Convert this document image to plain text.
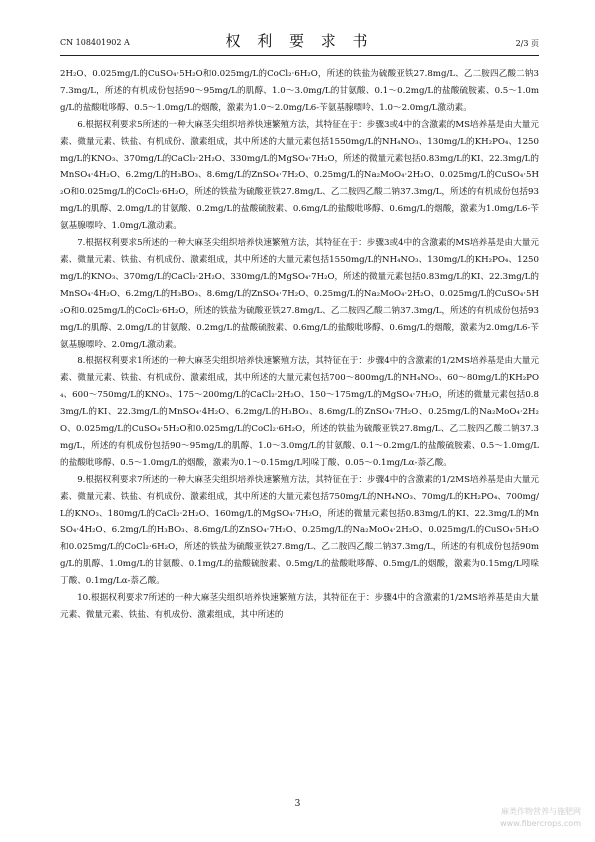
CN 108401902 A	权 利 要 求 书	2/3 页

2H₂O、0.025mg/L的CuSO₄·5H₂O和0.025mg/L的CoCl₂·6H₂O，所述的铁盐为硫酸亚铁27.8mg/L、乙二胺四乙酸二钠37.3mg/L，所述的有机成份包括90～95mg/L的肌醇、1.0～3.0mg/L的甘氨酸、0.1～0.2mg/L的盐酸硫胺素、0.5～1.0mg/L的盐酸吡哆醇、0.5～1.0mg/L的烟酸，激素为1.0～2.0mg/L6-苄氨基腺嘌呤、1.0～2.0mg/L激动素。

6.根据权利要求5所述的一种大麻茎尖组织培养快速繁殖方法，其特征在于：步骤3或4中的含激素的MS培养基是由大量元素、微量元素、铁盐、有机成份、激素组成，其中所述的大量元素包括1550mg/L的NH₄NO₃、130mg/L的KH₂PO₄、1250mg/L的KNO₃、370mg/L的CaCl₂·2H₂O、330mg/L的MgSO₄·7H₂O，所述的微量元素包括0.83mg/L的KI、22.3mg/L的MnSO₄·4H₂O、6.2mg/L的H₃BO₃、8.6mg/L的ZnSO₄·7H₂O、0.25mg/L的Na₂MoO₄·2H₂O、0.025mg/L的CuSO₄·5H₂O和0.025mg/L的CoCl₂·6H₂O，所述的铁盐为硫酸亚铁27.8mg/L、乙二胺四乙酸二钠37.3mg/L，所述的有机成份包括93mg/L的肌醇、2.0mg/L的甘氨酸、0.2mg/L的盐酸硫胺素、0.6mg/L的盐酸吡哆醇、0.6mg/L的烟酸，激素为1.0mg/L6-苄氨基腺嘌呤、1.0mg/L激动素。

7.根据权利要求5所述的一种大麻茎尖组织培养快速繁殖方法，其特征在于：步骤3或4中的含激素的MS培养基是由大量元素、微量元素、铁盐、有机成份、激素组成，其中所述的大量元素包括1550mg/L的NH₄NO₃、130mg/L的KH₂PO₄、1250mg/L的KNO₃、370mg/L的CaCl₂·2H₂O、330mg/L的MgSO₄·7H₂O，所述的微量元素包括0.83mg/L的KI、22.3mg/L的MnSO₄·4H₂O、6.2mg/L的H₃BO₃、8.6mg/L的ZnSO₄·7H₂O、0.25mg/L的Na₂MoO₄·2H₂O、0.025mg/L的CuSO₄·5H₂O和0.025mg/L的CoCl₂·6H₂O，所述的铁盐为硫酸亚铁27.8mg/L、乙二胺四乙酸二钠37.3mg/L，所述的有机成份包括93mg/L的肌醇、2.0mg/L的甘氨酸、0.2mg/L的盐酸硫胺素、0.6mg/L的盐酸吡哆醇、0.6mg/L的烟酸，激素为2.0mg/L6-苄氨基腺嘌呤、2.0mg/L激动素。

8.根据权利要求1所述的一种大麻茎尖组织培养快速繁殖方法，其特征在于：步骤4中的含激素的1/2MS培养基是由大量元素、微量元素、铁盐、有机成份、激素组成，其中所述的大量元素包括700～800mg/L的NH₄NO₃、60～80mg/L的KH₂PO₄、600～750mg/L的KNO₃、175～200mg/L的CaCl₂·2H₂O、150～175mg/L的MgSO₄·7H₂O，所述的微量元素包括0.83mg/L的KI、22.3mg/L的MnSO₄·4H₂O、6.2mg/L的H₃BO₃、8.6mg/L的ZnSO₄·7H₂O、0.25mg/L的Na₂MoO₄·2H₂O、0.025mg/L的CuSO₄·5H₂O和0.025mg/L的CoCl₂·6H₂O，所述的铁盐为硫酸亚铁27.8mg/L、乙二胺四乙酸二钠37.3mg/L，所述的有机成份包括90～95mg/L的肌醇、1.0～3.0mg/L的甘氨酸、0.1～0.2mg/L的盐酸硫胺素、0.5～1.0mg/L的盐酸吡哆醇、0.5～1.0mg/L的烟酸，激素为0.1～0.15mg/L吲哚丁酸、0.05～0.1mg/Lα-萘乙酸。

9.根据权利要求7所述的一种大麻茎尖组织培养快速繁殖方法，其特征在于：步骤4中的含激素的1/2MS培养基是由大量元素、微量元素、铁盐、有机成份、激素组成，其中所述的大量元素包括750mg/L的NH₄NO₃、70mg/L的KH₂PO₄、700mg/L的KNO₃、180mg/L的CaCl₂·2H₂O、160mg/L的MgSO₄·7H₂O，所述的微量元素包括0.83mg/L的KI、22.3mg/L的MnSO₄·4H₂O、6.2mg/L的H₃BO₃、8.6mg/L的ZnSO₄·7H₂O、0.25mg/L的Na₂MoO₄·2H₂O、0.025mg/L的CuSO₄·5H₂O和0.025mg/L的CoCl₂·6H₂O，所述的铁盐为硫酸亚铁27.8mg/L、乙二胺四乙酸二钠37.3mg/L，所述的有机成份包括90mg/L的肌醇、1.0mg/L的甘氨酸、0.1mg/L的盐酸硫胺素、0.5mg/L的盐酸吡哆醇、0.5mg/L的烟酸，激素为0.15mg/L吲哚丁酸、0.1mg/Lα-萘乙酸。

10.根据权利要求7所述的一种大麻茎尖组织培养快速繁殖方法，其特征在于：步骤4中的含激素的1/2MS培养基是由大量元素、微量元素、铁盐、有机成份、激素组成，其中所述的

3
麻类作物营养与施肥网
www.fibercrops.com
